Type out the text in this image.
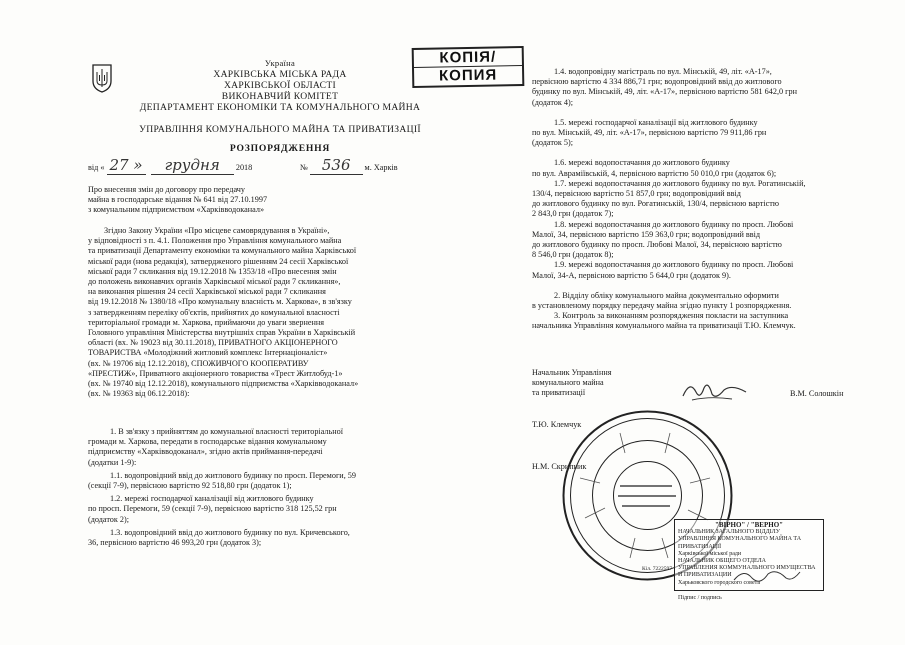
Україна
ХАРКІВСЬКА МІСЬКА РАДА
ХАРКІВСЬКОЇ ОБЛАСТІ
ВИКОНАВЧИЙ КОМІТЕТ
ДЕПАРТАМЕНТ ЕКОНОМІКИ ТА КОМУНАЛЬНОГО МАЙНА
УПРАВЛІННЯ КОМУНАЛЬНОГО МАЙНА ТА ПРИВАТИЗАЦІЇ
РОЗПОРЯДЖЕННЯ
КОПІЯ/
КОПИЯ
від « 27 » грудня 2018	№ 536 м. Харків
Про внесення змін до договору про передачу
майна в господарське відання № 641 від 27.10.1997
з комунальним підприємством «Харківводоканал»
Згідно Закону України «Про місцеве самоврядування в Україні»,
у відповідності з п. 4.1. Положення про Управління комунального майна
та приватизації Департаменту економіки та комунального майна Харківської
міської ради (нова редакція), затвердженого рішенням 24 сесії Харківської
міської ради 7 скликання від 19.12.2018 № 1353/18 «Про внесення змін
до положень виконавчих органів Харківської міської ради 7 скликання»,
на виконання рішення 24 сесії Харківської міської ради 7 скликання
від 19.12.2018 № 1380/18 «Про комунальну власність м. Харкова», в зв'язку
з затвердженням переліку об'єктів, прийнятих до комунальної власності
територіальної громади м. Харкова, приймаючи до уваги звернення
Головного управління Міністерства внутрішніх справ України в Харківській
області (вх. № 19023 від 30.11.2018), ПРИВАТНОГО АКЦІОНЕРНОГО
ТОВАРИСТВА «Молодіжний житловий комплекс Інтернаціоналіст»
(вх. № 19706 від 12.12.2018), СПОЖИВЧОГО КООПЕРАТИВУ
«ПРЕСТИЖ», Приватного акціонерного товариства «Трест Житлобуд-1»
(вх. № 19740 від 12.12.2018), комунального підприємства «Харківводоканал»
(вх. № 19363 від 06.12.2018):
1. В зв'язку з прийняттям до комунальної власності територіальної
громади м. Харкова, передати в господарське відання комунальному
підприємству «Харківводоканал», згідно актів приймання-передачі
(додатки 1-9):
1.1. водопровідний ввід до житлового будинку по просп. Перемоги, 59
(секції 7-9), первісною вартістю 92 518,80 грн (додаток 1);
1.2. мережі господарчої каналізації від житлового будинку
по просп. Перемоги, 59 (секції 7-9), первісною вартістю 318 125,52 грн
(додаток 2);
1.3. водопровідний ввід до житлового будинку по вул. Кричевського,
36, первісною вартістю 46 993,20 грн (додаток 3);
1.4. водопровідну магістраль по вул. Мінській, 49, літ. «А-17»,
первісною вартістю 4 334 886,71 грн; водопровідний ввід до житлового
будинку по вул. Мінській, 49, літ. «А-17», первісною вартістю 581 642,0 грн
(додаток 4);
1.5. мережі господарчої каналізації від житлового будинку
по вул. Мінській, 49, літ. «А-17», первісною вартістю 79 911,86 грн
(додаток 5);
1.6. мережі водопостачання до житлового будинку
по вул. Авраміївській, 4, первісною вартістю 50 010,0 грн (додаток 6);
1.7. мережі водопостачання до житлового будинку по вул. Рогатинській,
130/4, первісною вартістю 51 857,0 грн; водопровідний ввід
до житлового будинку по вул. Рогатинській, 130/4, первісною вартістю
2 843,0 грн (додаток 7);
1.8. мережі водопостачання до житлового будинку по просп. Любові
Малої, 34, первісною вартістю 159 363,0 грн; водопровідний ввід
до житлового будинку по просп. Любові Малої, 34, первісною вартістю
8 546,0 грн (додаток 8);
1.9. мережі водопостачання до житлового будинку по просп. Любові
Малої, 34-А, первісною вартістю 5 644,0 грн (додаток 9).
2. Відділу обліку комунального майна документально оформити
в установленому порядку передачу майна згідно пункту 1 розпорядження.
3. Контроль за виконанням розпорядження покласти на заступника
начальника Управління комунального майна та приватизації Т.Ю. Клемчук.
Начальник Управління
комунального майна
та приватизації	В.М. Солошкін
Т.Ю. Клемчук
Н.М. Скрипник
"ВІРНО" / "ВЕРНО"
НАЧАЛЬНИК ЗАГАЛЬНОГО ВІДДІЛУ
УПРАВЛІННЯ КОМУНАЛЬНОГО МАЙНА ТА ПРИВАТИЗАЦІЇ
Харківської міської ради
НАЧАЛЬНИК ОБЩЕГО ОТДЕЛА
УПРАВЛЕНИЯ КОММУНАЛЬНОГО ИМУЩЕСТВА И ПРИВАТИЗАЦИИ
Харьковского городского совета
Підпис / подпись
Кіл. 7222597
